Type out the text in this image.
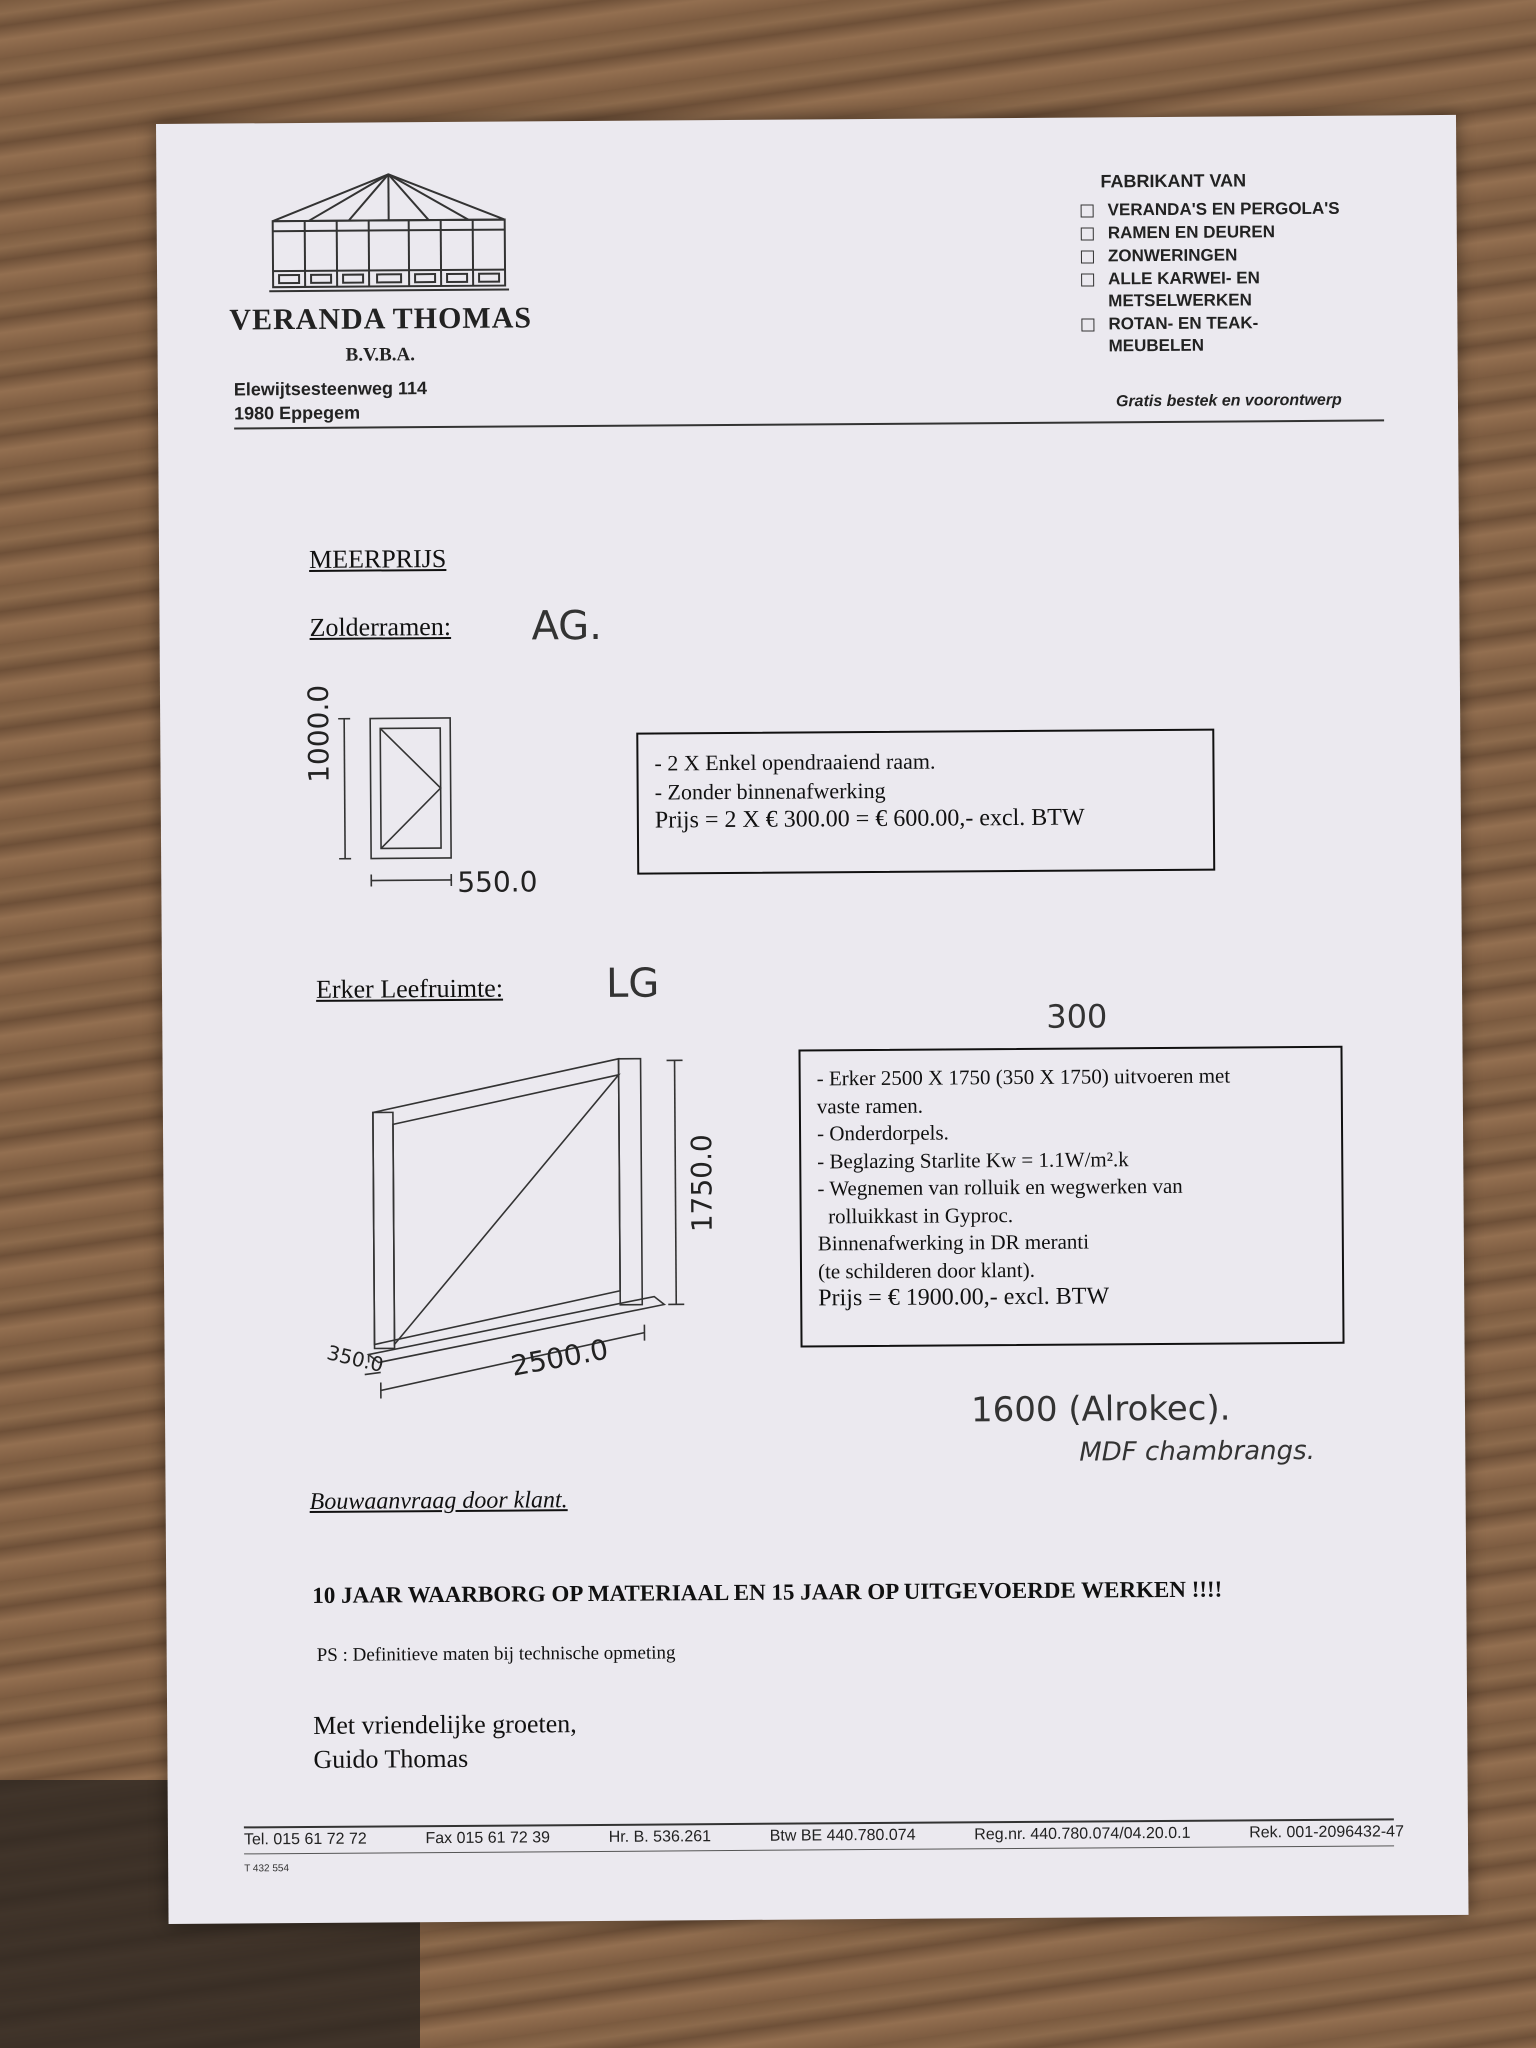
VERANDA THOMAS
B.V.B.A.
Elewijtsesteenweg 114
1980 Eppegem
FABRIKANT VAN
VERANDA'S EN PERGOLA'S
RAMEN EN DEUREN
ZONWERINGEN
ALLE KARWEI- EN METSELWERKEN
ROTAN- EN TEAK-MEUBELEN
Gratis bestek en voorontwerp
MEERPRIJS
Zolderramen: AG.
1000.0
550.0
- 2 X Enkel opendraaiend raam.
- Zonder binnenafwerking
Prijs = 2 X € 300.00 = € 600.00,- excl. BTW
Erker Leefruimte:	LG
1750.0
2500.0
350.0
300
- Erker 2500 X 1750 (350 X 1750) uitvoeren met
vaste ramen.
- Onderdorpels.
- Beglazing Starlite Kw = 1.1W/m².k
- Wegnemen van rolluik en wegwerken van
rolluikkast in Gyproc.
Binnenafwerking in DR meranti
(te schilderen door klant).
Prijs = € 1900.00,- excl. BTW
1600 (Alrokec).
MDF chambrangs.
Bouwaanvraag door klant.
10 JAAR WAARBORG OP MATERIAAL EN 15 JAAR OP UITGEVOERDE WERKEN !!!!
PS : Definitieve maten bij technische opmeting
Met vriendelijke groeten,
Guido Thomas
Tel. 015 61 72 72	Fax 015 61 72 39	Hr. B. 536.261	Btw BE 440.780.074	Reg.nr. 440.780.074/04.20.0.1	Rek. 001-2096432-47
T 432 554
